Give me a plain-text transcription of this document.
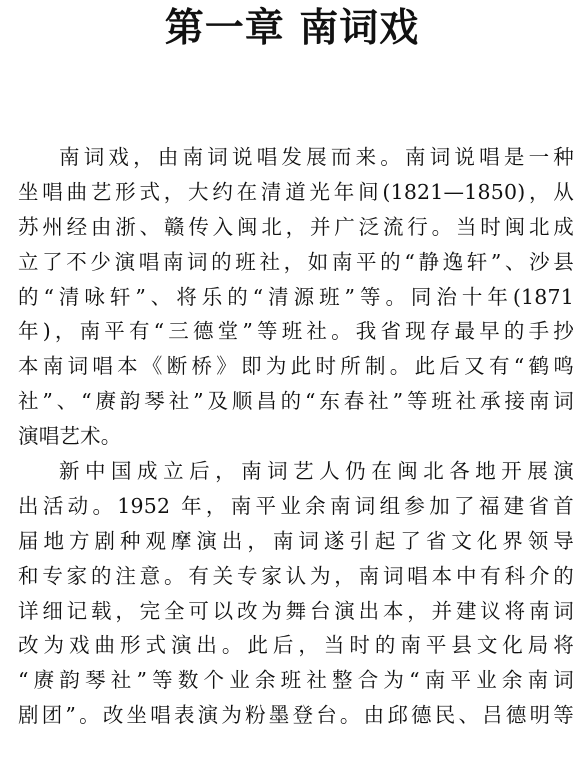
第一章 南词戏
南词戏，由南词说唱发展而来。南词说唱是一种
坐唱曲艺形式，大约在清道光年间(1821—1850)，从
苏州经由浙、赣传入闽北，并广泛流行。当时闽北成
立了不少演唱南词的班社，如南平的“静逸轩”、沙县
的“清咏轩”、将乐的“清源班”等。同治十年(1871
年)，南平有“三德堂”等班社。我省现存最早的手抄
本南词唱本《断桥》即为此时所制。此后又有“鹤鸣
社”、“赓韵琴社”及顺昌的“东春社”等班社承接南词
演唱艺术。
新中国成立后，南词艺人仍在闽北各地开展演
出活动。1952 年，南平业余南词组参加了福建省首
届地方剧种观摩演出，南词遂引起了省文化界领导
和专家的注意。有关专家认为，南词唱本中有科介的
详细记载，完全可以改为舞台演出本，并建议将南词
改为戏曲形式演出。此后，当时的南平县文化局将
“赓韵琴社”等数个业余班社整合为“南平业余南词
剧团”。改坐唱表演为粉墨登台。由邱德民、吕德明等
